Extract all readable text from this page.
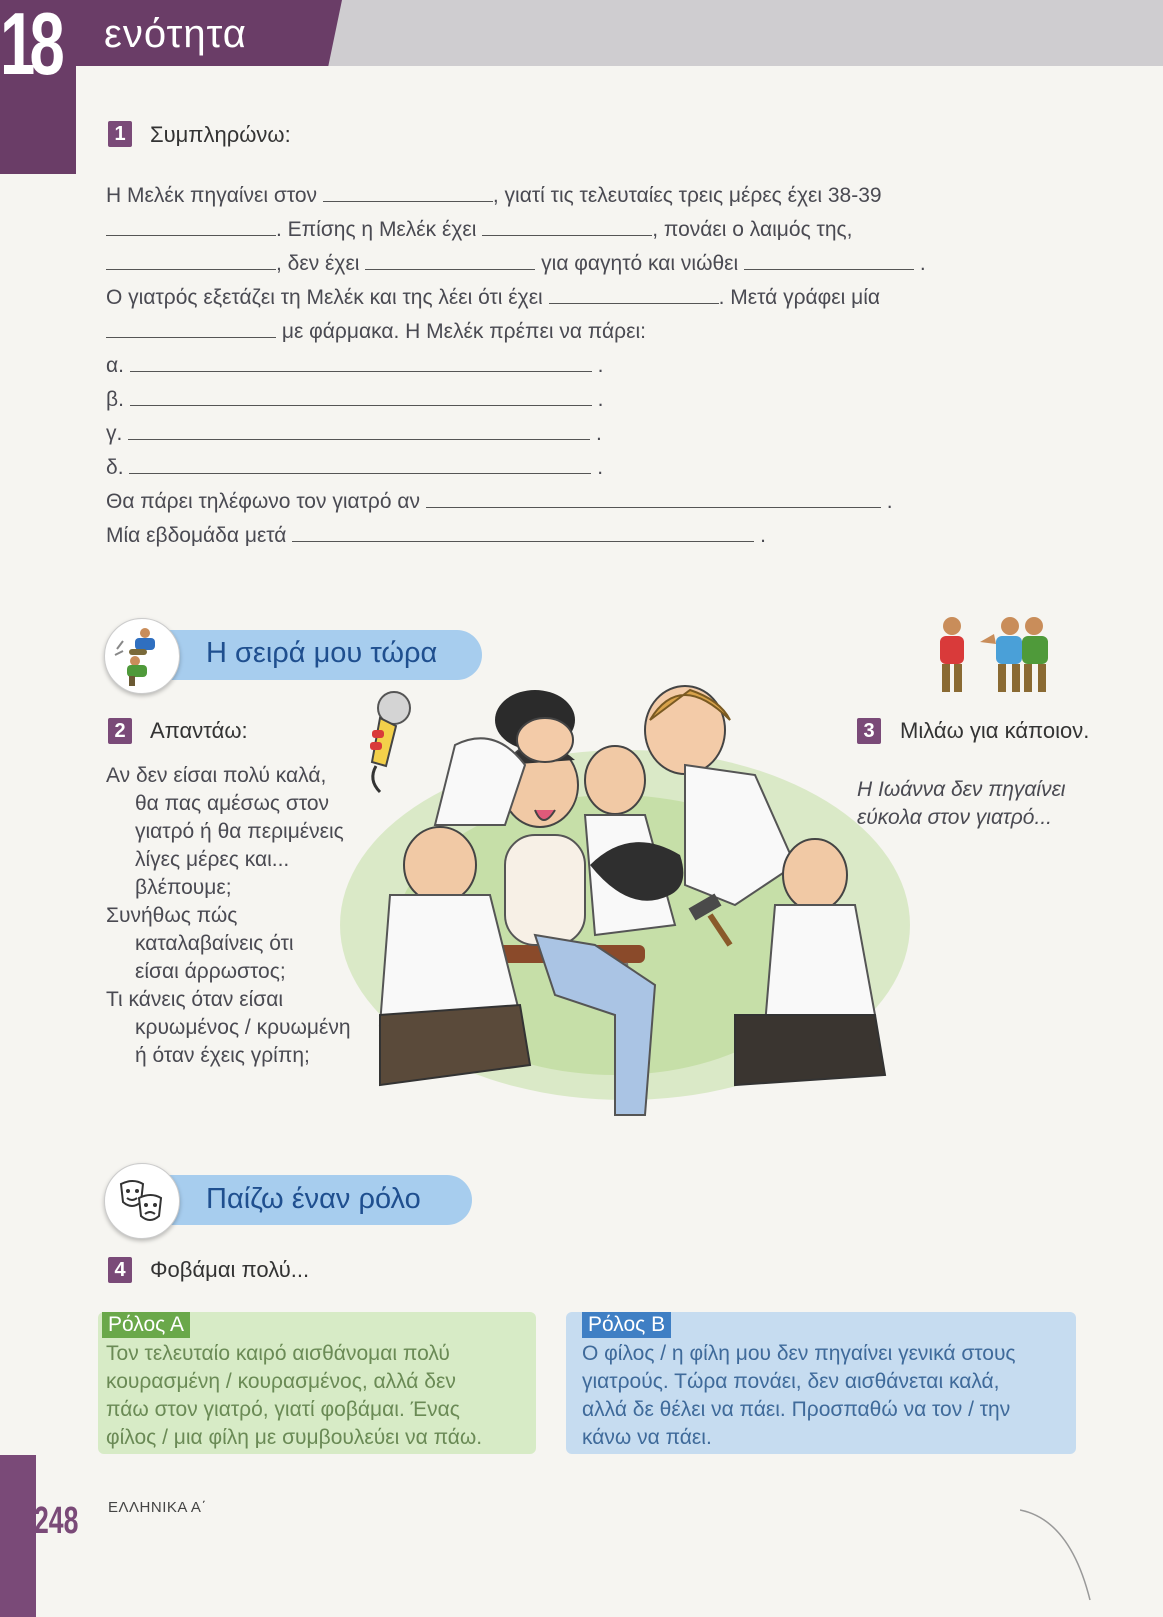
18 ενότητα
1 Συμπληρώνω:
Η Μελέκ πηγαίνει στον	, γιατί τις τελευταίες τρεις μέρες έχει 38-39
. Επίσης η Μελέκ έχει	, πονάει ο λαιμός της,
, δεν έχει	για φαγητό και νιώθει	.
Ο γιατρός εξετάζει τη Μελέκ και της λέει ότι έχει	. Μετά γράφει μία
με φάρμακα. Η Μελέκ πρέπει να πάρει:
α.	.
β.	.
γ.	.
δ.	.
Θα πάρει τηλέφωνο τον γιατρό αν	.
Μία εβδομάδα μετά	.
Η σειρά μου τώρα
2 Απαντάω:
Αν δεν είσαι πολύ καλά,
θα πας αμέσως στον
γιατρό ή θα περιμένεις
λίγες μέρες και...
βλέπουμε;
Συνήθως πώς
καταλαβαίνεις ότι
είσαι άρρωστος;
Τι κάνεις όταν είσαι
κρυωμένος / κρυωμένη
ή όταν έχεις γρίπη;
3 Μιλάω για κάποιον.
Η Ιωάννα δεν πηγαίνει
εύκολα στον γιατρό...
Παίζω έναν ρόλο
4 Φοβάμαι πολύ...
Ρόλος Α
Τον τελευταίο καιρό αισθάνομαι πολύ
κουρασμένη / κουρασμένος, αλλά δεν
πάω στον γιατρό, γιατί φοβάμαι. Ένας
φίλος / μια φίλη με συμβουλεύει να πάω.
Ρόλος Β
Ο φίλος / η φίλη μου δεν πηγαίνει γενικά στους
γιατρούς. Τώρα πονάει, δεν αισθάνεται καλά,
αλλά δε θέλει να πάει. Προσπαθώ να τον / την
κάνω να πάει.
248 ΕΛΛΗΝΙΚΑ Α΄
